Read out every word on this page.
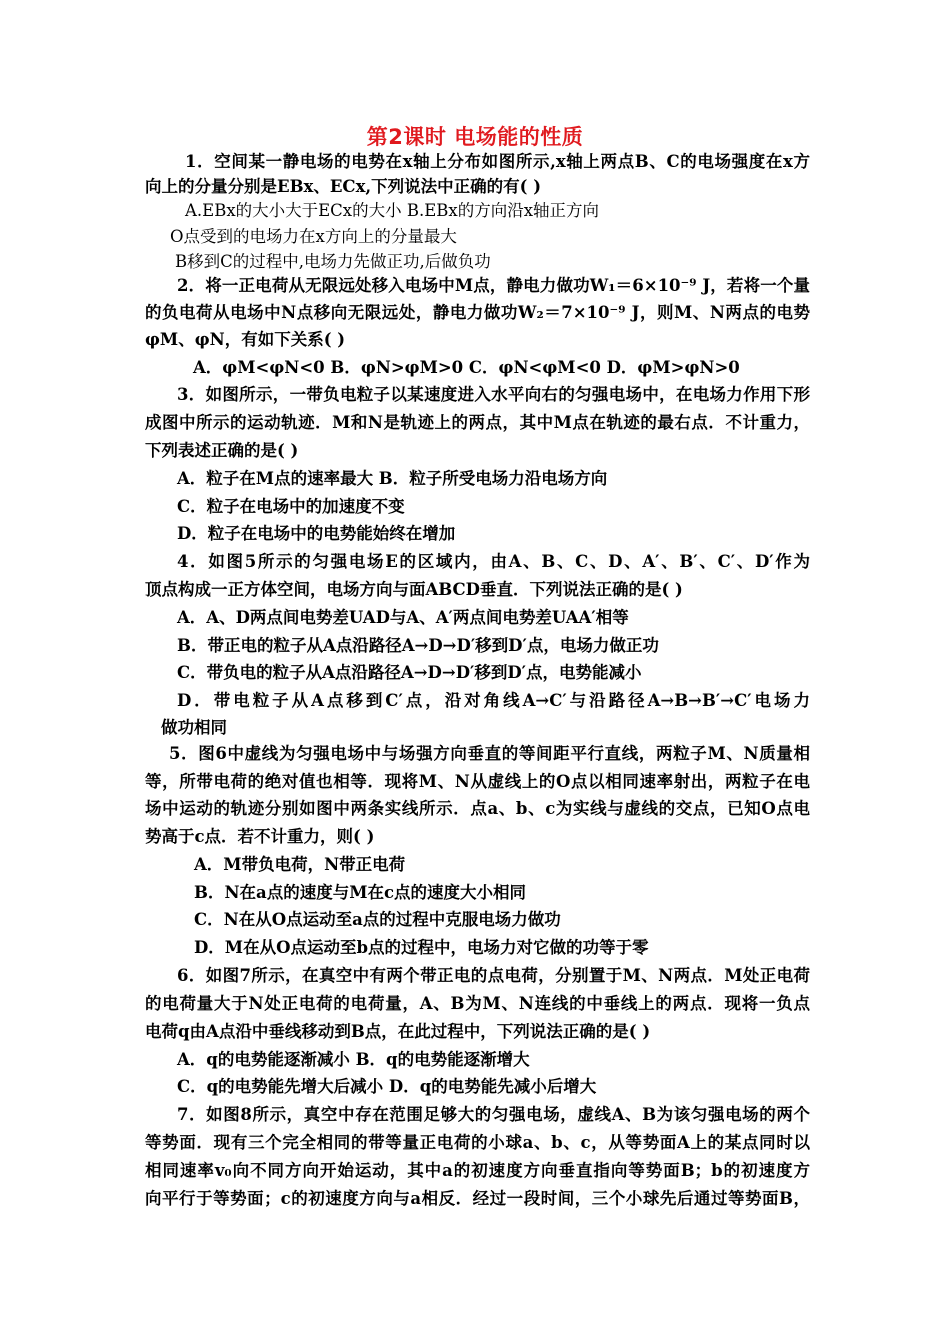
第2课时 电场能的性质
1．空间某一静电场的电势在x轴上分布如图所示,x轴上两点B、C的电场强度在x方
向上的分量分别是EBx、ECx,下列说法中正确的有( )
A.EBx的大小大于ECx的大小 B.EBx的方向沿x轴正方向
O点受到的电场力在x方向上的分量最大
B移到C的过程中,电场力先做正功,后做负功
2．将一正电荷从无限远处移入电场中M点，静电力做功W₁＝6×10⁻⁹ J，若将一个量
的负电荷从电场中N点移向无限远处，静电力做功W₂＝7×10⁻⁹ J，则M、N两点的电势
φM、φN，有如下关系( )
A．φM<φN<0 B．φN>φM>0 C．φN<φM<0 D．φM>φN>0
3．如图所示，一带负电粒子以某速度进入水平向右的匀强电场中，在电场力作用下形
成图中所示的运动轨迹．M和N是轨迹上的两点，其中M点在轨迹的最右点．不计重力，
下列表述正确的是( )
A．粒子在M点的速率最大 B．粒子所受电场力沿电场方向
C．粒子在电场中的加速度不变
D．粒子在电场中的电势能始终在增加
4．如图5所示的匀强电场E的区域内，由A、B、C、D、A′、B′、C′、D′作为
顶点构成一正方体空间，电场方向与面ABCD垂直．下列说法正确的是( )
A．A、D两点间电势差UAD与A、A′两点间电势差UAA′相等
B．带正电的粒子从A点沿路径A→D→D′移到D′点，电场力做正功
C．带负电的粒子从A点沿路径A→D→D′移到D′点，电势能减小
D．带电粒子从A点移到C′点，沿对角线A→C′与沿路径A→B→B′→C′电场力
做功相同
5．图6中虚线为匀强电场中与场强方向垂直的等间距平行直线，两粒子M、N质量相
等，所带电荷的绝对值也相等．现将M、N从虚线上的O点以相同速率射出，两粒子在电
场中运动的轨迹分别如图中两条实线所示．点a、b、c为实线与虚线的交点，已知O点电
势高于c点．若不计重力，则( )
A．M带负电荷，N带正电荷
B．N在a点的速度与M在c点的速度大小相同
C．N在从O点运动至a点的过程中克服电场力做功
D．M在从O点运动至b点的过程中，电场力对它做的功等于零
6．如图7所示，在真空中有两个带正电的点电荷，分别置于M、N两点．M处正电荷
的电荷量大于N处正电荷的电荷量，A、B为M、N连线的中垂线上的两点．现将一负点
电荷q由A点沿中垂线移动到B点，在此过程中，下列说法正确的是( )
A．q的电势能逐渐减小 B．q的电势能逐渐增大
C．q的电势能先增大后减小 D．q的电势能先减小后增大
7．如图8所示，真空中存在范围足够大的匀强电场，虚线A、B为该匀强电场的两个
等势面．现有三个完全相同的带等量正电荷的小球a、b、c，从等势面A上的某点同时以
相同速率v₀向不同方向开始运动，其中a的初速度方向垂直指向等势面B；b的初速度方
向平行于等势面；c的初速度方向与a相反．经过一段时间，三个小球先后通过等势面B，
